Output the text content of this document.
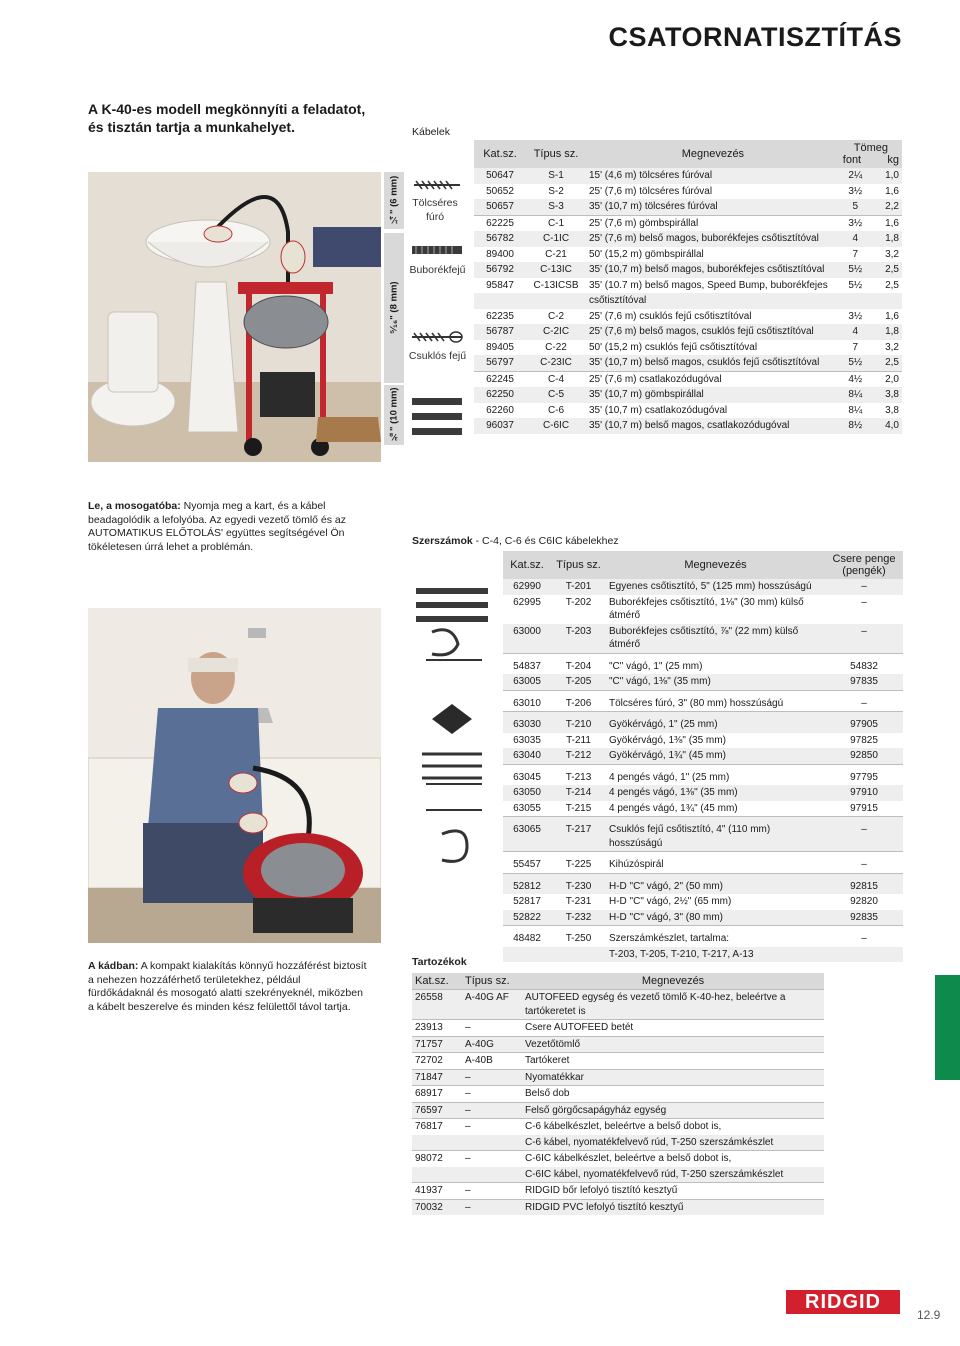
CSATORNATISZTÍTÁS
A K-40-es modell megkönnyíti a feladatot, és tisztán tartja a munkahelyet.
Le, a mosogatóba: Nyomja meg a kart, és a kábel beadagolódik a lefolyóba. Az egyedi vezető tömlő és az AUTOMATIKUS ELŐTOLÁS' együttes segítségével Ön tökéletesen úrrá lehet a problémán.
A kádban: A kompakt kialakítás könnyű hozzáférést biztosít a nehezen hozzáférhető területekhez, például fürdőkádaknál és mosogató alatti szekrényeknél, miközben a kábelt beszerelve és minden kész felülettől távol tartja.
Kábelek
¼" (6 mm)
⁵⁄₁₆" (8 mm)
⅜" (10 mm)
Tölcséres
fúró
Buborékfejű
Csuklós fejű
Kat.sz.	Típus sz.	Megnevezés	Tömeg
font kg	

50647	S-1	15' (4,6 m) tölcséres fúróval	2¼	1,0
50652	S-2	25' (7,6 m) tölcséres fúróval	3½	1,6
50657	S-3	35' (10,7 m) tölcséres fúróval	5	2,2
62225	C-1	25' (7,6 m) gömbspirállal	3½	1,6
56782	C-1IC	25' (7,6 m) belső magos, buborékfejes csőtisztítóval	4	1,8
89400	C-21	50' (15,2 m) gömbspirállal	7	3,2
56792	C-13IC	35' (10,7 m) belső magos, buborékfejes csőtisztítóval	5½	2,5
95847	C-13ICSB	35' (10.7 m) belső magos, Speed Bump, buborékfejes	5½	2,5
		csőtisztítóval		
62235	C-2	25' (7,6 m) csuklós fejű csőtisztítóval	3½	1,6
56787	C-2IC	25' (7,6 m) belső magos, csuklós fejű csőtisztítóval	4	1,8
89405	C-22	50' (15,2 m) csuklós fejű csőtisztítóval	7	3,2
56797	C-23IC	35' (10,7 m) belső magos, csuklós fejű csőtisztítóval	5½	2,5
62245	C-4	25' (7,6 m) csatlakozódugóval	4½	2,0
62250	C-5	35' (10,7 m) gömbspirállal	8¼	3,8
62260	C-6	35' (10,7 m) csatlakozódugóval	8¼	3,8
96037	C-6IC	35' (10,7 m) belső magos, csatlakozódugóval	8½	4,0
Szerszámok - C-4, C-6 és C6IC kábelekhez
Kat.sz.	Típus sz.	Megnevezés	Csere penge
(pengék)

62990	T-201	Egyenes csőtisztító, 5" (125 mm) hosszúságú	–
62995	T-202	Buborékfejes csőtisztító, 1⅛" (30 mm) külső átmérő	–
63000	T-203	Buborékfejes csőtisztító, ⅞" (22 mm) külső átmérő	–
54837	T-204	"C" vágó, 1" (25 mm)	54832
63005	T-205	"C" vágó, 1⅜" (35 mm)	97835
63010	T-206	Tölcséres fúró, 3" (80 mm) hosszúságú	–
63030	T-210	Gyökérvágó, 1" (25 mm)	97905
63035	T-211	Gyökérvágó, 1⅜" (35 mm)	97825
63040	T-212	Gyökérvágó, 1¾" (45 mm)	92850
63045	T-213	4 pengés vágó, 1" (25 mm)	97795
63050	T-214	4 pengés vágó, 1⅜" (35 mm)	97910
63055	T-215	4 pengés vágó, 1¾" (45 mm)	97915
63065	T-217	Csuklós fejű csőtisztító, 4" (110 mm) hosszúságú	–
55457	T-225	Kihúzóspirál	–
52812	T-230	H-D "C" vágó, 2" (50 mm)	92815
52817	T-231	H-D "C" vágó, 2½" (65 mm)	92820
52822	T-232	H-D "C" vágó, 3" (80 mm)	92835
48482	T-250	Szerszámkészlet, tartalma:	–
		T-203, T-205, T-210, T-217, A-13	
Tartozékok
Kat.sz.	Típus sz.	Megnevezés
26558	A-40G AF	AUTOFEED egység és vezető tömlő K-40-hez, beleértve a tartókeretet is
23913	–	Csere AUTOFEED betét
71757	A-40G	Vezetőtömlő
72702	A-40B	Tartókeret
71847	–	Nyomatékkar
68917	–	Belső dob
76597	–	Felső görgőcsapágyház egység
76817	–	C-6 kábelkészlet, beleértve a belső dobot is,
		C-6 kábel, nyomatékfelvevő rúd, T-250 szerszámkészlet
98072	–	C-6IC kábelkészlet, beleértve a belső dobot is,
		C-6IC kábel, nyomatékfelvevő rúd, T-250 szerszámkészlet
41937	–	RIDGID bőr lefolyó tisztító kesztyű
70032	–	RIDGID PVC lefolyó tisztító kesztyű
RIDGID
12.9
